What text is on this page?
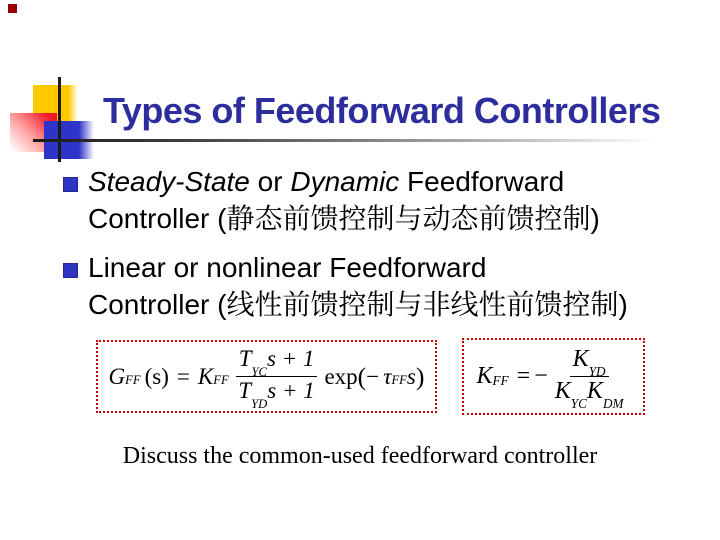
Types of Feedforward Controllers
Steady-State or Dynamic Feedforward
Controller (静态前馈控制与动态前馈控制)
Linear or nonlinear Feedforward
Controller (线性前馈控制与非线性前馈控制)
G FF (s) = K FF $\frac{T_{YC}s + 1}{T_{YD}s + 1}$ exp ( − τ FF s ) K FF = − $\frac{K_{YD}}{K_{YC}K_{DM}}$
Discuss the common-used feedforward controller
